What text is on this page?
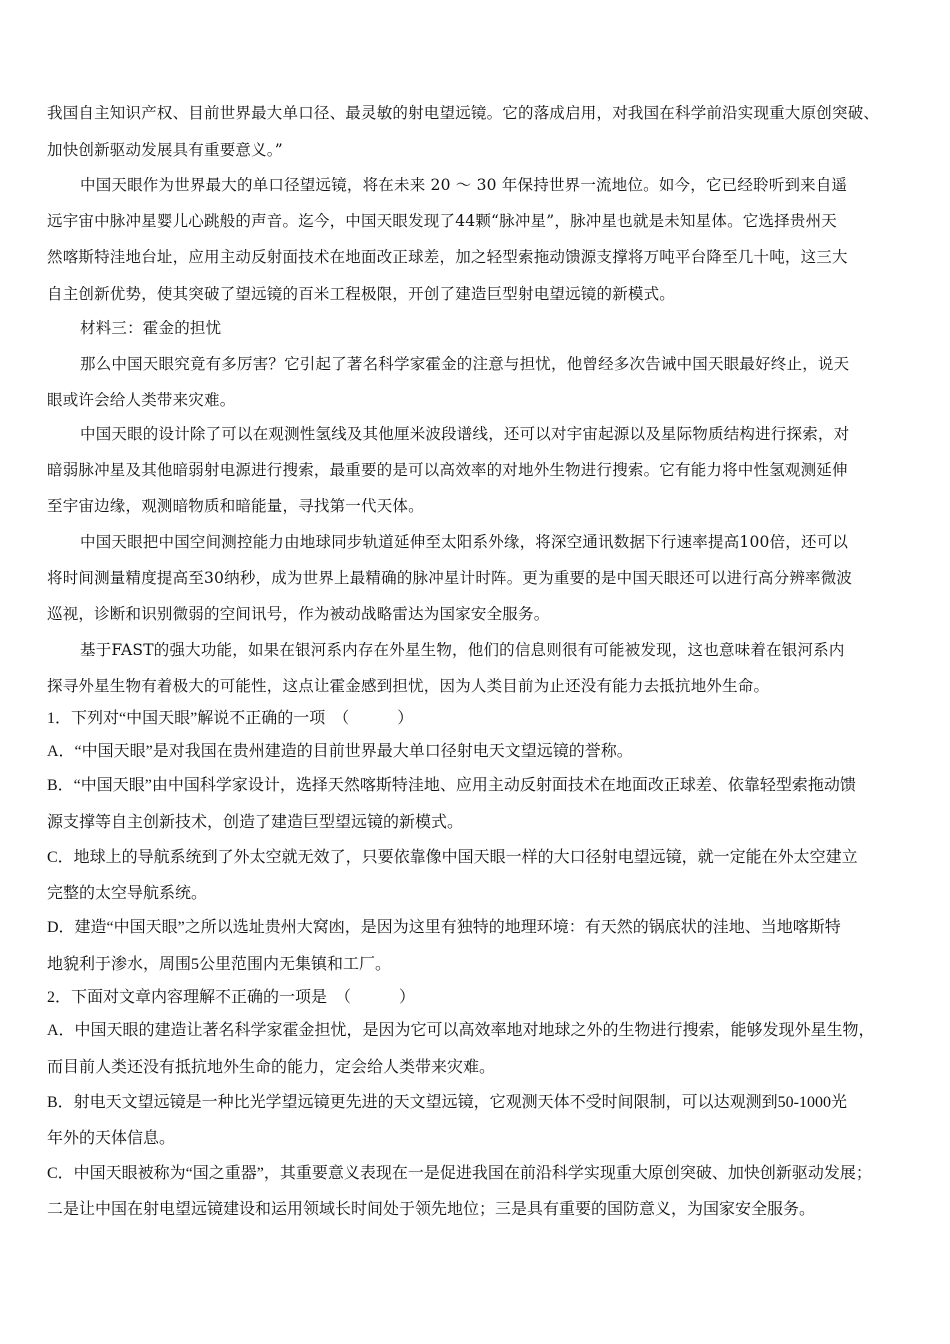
我国自主知识产权、目前世界最大单口径、最灵敏的射电望远镜。它的落成启用，对我国在科学前沿实现重大原创突破、
加快创新驱动发展具有重要意义。”
中国天眼作为世界最大的单口径望远镜，将在未来 20 ～ 30 年保持世界一流地位。如今，它已经聆听到来自遥
远宇宙中脉冲星婴儿心跳般的声音。迄今，中国天眼发现了44颗“脉冲星”，脉冲星也就是未知星体。它选择贵州天
然喀斯特洼地台址，应用主动反射面技术在地面改正球差，加之轻型索拖动馈源支撑将万吨平台降至几十吨，这三大
自主创新优势，使其突破了望远镜的百米工程极限，开创了建造巨型射电望远镜的新模式。
材料三：霍金的担忧
那么中国天眼究竟有多厉害？它引起了著名科学家霍金的注意与担忧，他曾经多次告诫中国天眼最好终止，说天
眼或许会给人类带来灾难。
中国天眼的设计除了可以在观测性氢线及其他厘米波段谱线，还可以对宇宙起源以及星际物质结构进行探索，对
暗弱脉冲星及其他暗弱射电源进行搜索，最重要的是可以高效率的对地外生物进行搜索。它有能力将中性氢观测延伸
至宇宙边缘，观测暗物质和暗能量，寻找第一代天体。
中国天眼把中国空间测控能力由地球同步轨道延伸至太阳系外缘，将深空通讯数据下行速率提高100倍，还可以
将时间测量精度提高至30纳秒，成为世界上最精确的脉冲星计时阵。更为重要的是中国天眼还可以进行高分辨率微波
巡视，诊断和识别微弱的空间讯号，作为被动战略雷达为国家安全服务。
基于FAST的强大功能，如果在银河系内存在外星生物，他们的信息则很有可能被发现，这也意味着在银河系内
探寻外星生物有着极大的可能性，这点让霍金感到担忧，因为人类目前为止还没有能力去抵抗地外生命。
1．下列对“中国天眼”解说不正确的一项　（　　　）
A．“中国天眼”是对我国在贵州建造的目前世界最大单口径射电天文望远镜的誉称。
B．“中国天眼”由中国科学家设计，选择天然喀斯特洼地、应用主动反射面技术在地面改正球差、依靠轻型索拖动馈
源支撑等自主创新技术，创造了建造巨型望远镜的新模式。
C．地球上的导航系统到了外太空就无效了，只要依靠像中国天眼一样的大口径射电望远镜，就一定能在外太空建立
完整的太空导航系统。
D．建造“中国天眼”之所以选址贵州大窝凼，是因为这里有独特的地理环境：有天然的锅底状的洼地、当地喀斯特
地貌利于渗水，周围5公里范围内无集镇和工厂。
2．下面对文章内容理解不正确的一项是　（　　　）
A．中国天眼的建造让著名科学家霍金担忧，是因为它可以高效率地对地球之外的生物进行搜索，能够发现外星生物，
而目前人类还没有抵抗地外生命的能力，定会给人类带来灾难。
B．射电天文望远镜是一种比光学望远镜更先进的天文望远镜，它观测天体不受时间限制，可以达观测到50-1000光
年外的天体信息。
C．中国天眼被称为“国之重器”，其重要意义表现在一是促进我国在前沿科学实现重大原创突破、加快创新驱动发展；
二是让中国在射电望远镜建设和运用领域长时间处于领先地位；三是具有重要的国防意义，为国家安全服务。
